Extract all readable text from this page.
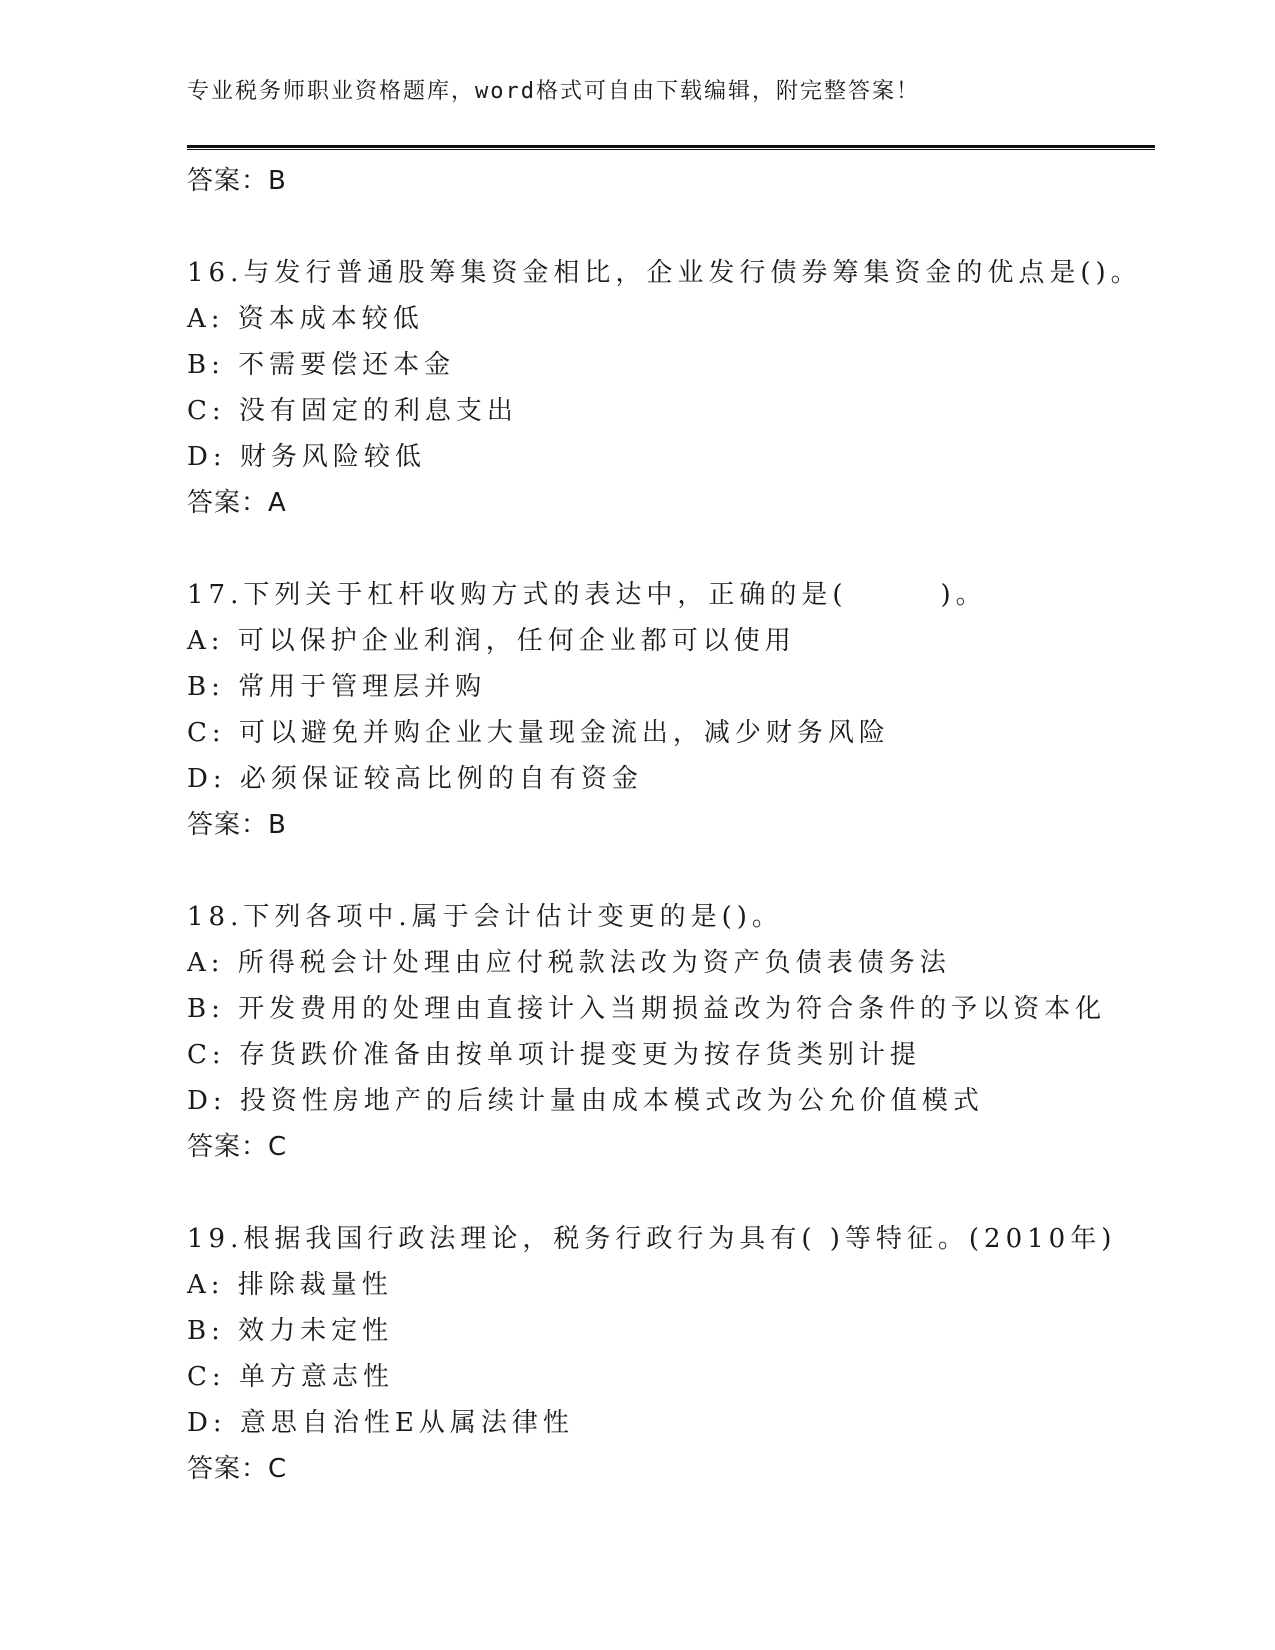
专业税务师职业资格题库，word格式可自由下载编辑，附完整答案！
答案：B
16.与发行普通股筹集资金相比，企业发行债券筹集资金的优点是()。
A: 资本成本较低
B: 不需要偿还本金
C: 没有固定的利息支出
D: 财务风险较低
答案：A
17.下列关于杠杆收购方式的表达中，正确的是(　　　)。
A: 可以保护企业利润，任何企业都可以使用
B: 常用于管理层并购
C: 可以避免并购企业大量现金流出，减少财务风险
D: 必须保证较高比例的自有资金
答案：B
18.下列各项中.属于会计估计变更的是()。
A: 所得税会计处理由应付税款法改为资产负债表债务法
B: 开发费用的处理由直接计入当期损益改为符合条件的予以资本化
C: 存货跌价准备由按单项计提变更为按存货类别计提
D: 投资性房地产的后续计量由成本模式改为公允价值模式
答案：C
19.根据我国行政法理论，税务行政行为具有( )等特征。(2010年)
A: 排除裁量性
B: 效力未定性
C: 单方意志性
D: 意思自治性E从属法律性
答案：C
